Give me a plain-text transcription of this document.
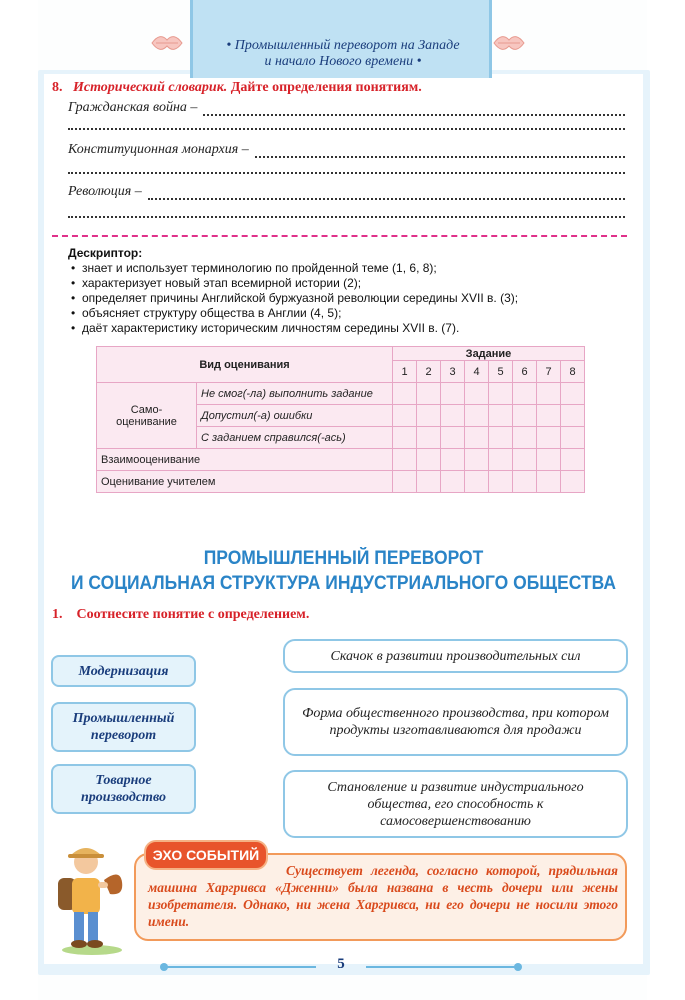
• Промышленный переворот на Западе
и начало Нового времени •
8. Исторический словарик. Дайте определения понятиям.
Гражданская война –
Конституционная монархия –
Революция –
Дескриптор:
• знает и использует терминологию по пройденной теме (1, 6, 8);
• характеризует новый этап всемирной истории (2);
• определяет причины Английской буржуазной революции середины XVII в. (3);
• объясняет структуру общества в Англии (4, 5);
• даёт характеристику историческим личностям середины XVII в. (7).
Вид оценивания		Задание							
		1	2	3	4	5	6	7	8
Само-
оценивание	Не смог(-ла) выполнить задание								
	Допустил(-а) ошибки								
	С заданием справился(-ась)								
Взаимооценивание									
Оценивание учителем									
ПРОМЫШЛЕННЫЙ ПЕРЕВОРОТ
И СОЦИАЛЬНАЯ СТРУКТУРА ИНДУСТРИАЛЬНОГО ОБЩЕСТВА
1. Соотнесите понятие с определением.
Модернизация
Промышленный переворот
Товарное производство
Скачок в развитии производительных сил
Форма общественного производства, при котором продукты изготавливаются для продажи
Становление и развитие индустриального общества, его способность к самосовершенствованию
ЭХО СОБЫТИЙ
Существует легенда, согласно которой, прядильная машина Харгривса «Дженни» была названа в честь дочери или жены изобретателя. Однако, ни жена Харгривса, ни его дочери не носили этого имени.
5
